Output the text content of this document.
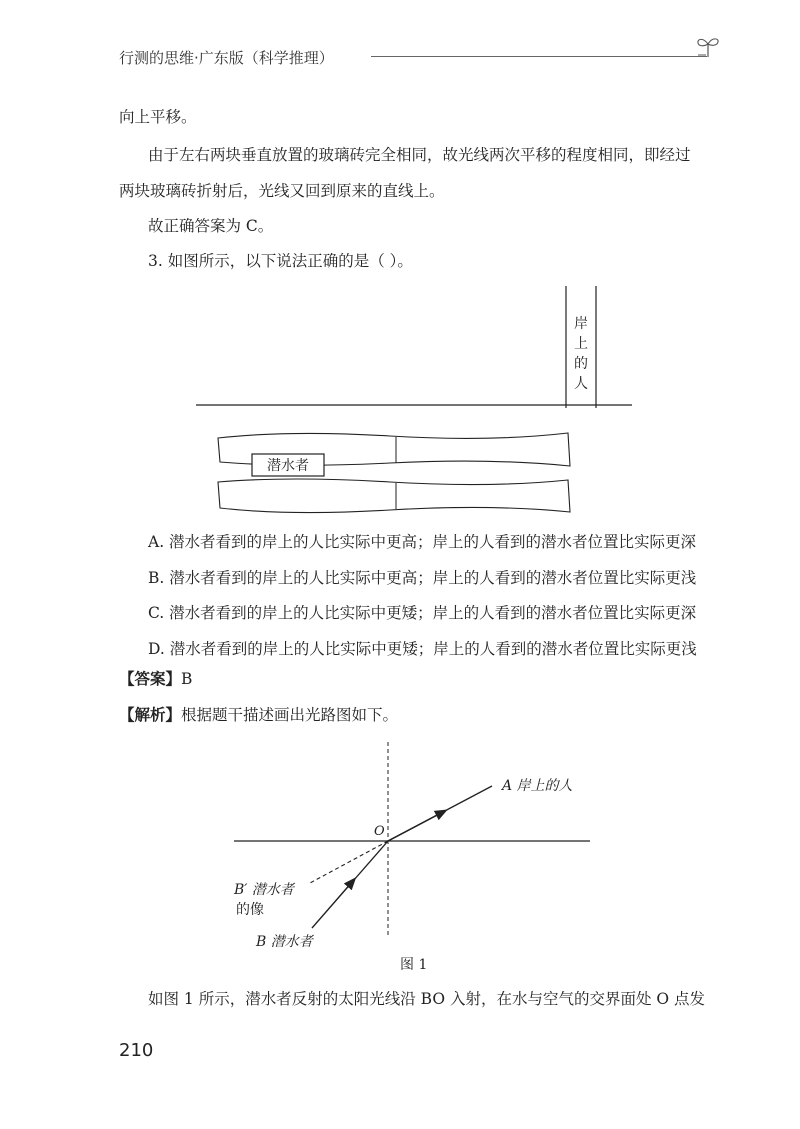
行测的思维·广东版（科学推理）
向上平移。
由于左右两块垂直放置的玻璃砖完全相同，故光线两次平移的程度相同，即经过
两块玻璃砖折射后，光线又回到原来的直线上。
故正确答案为 C。
3. 如图所示，以下说法正确的是（ ）。
岸
上
的
人
潜水者
A. 潜水者看到的岸上的人比实际中更高；岸上的人看到的潜水者位置比实际更深
B. 潜水者看到的岸上的人比实际中更高；岸上的人看到的潜水者位置比实际更浅
C. 潜水者看到的岸上的人比实际中更矮；岸上的人看到的潜水者位置比实际更深
D. 潜水者看到的岸上的人比实际中更矮；岸上的人看到的潜水者位置比实际更浅
【答案】B
【解析】根据题干描述画出光路图如下。
A 岸上的人
O
B′ 潜水者
的像
B 潜水者
图 1
如图 1 所示，潜水者反射的太阳光线沿 BO 入射，在水与空气的交界面处 O 点发
210
